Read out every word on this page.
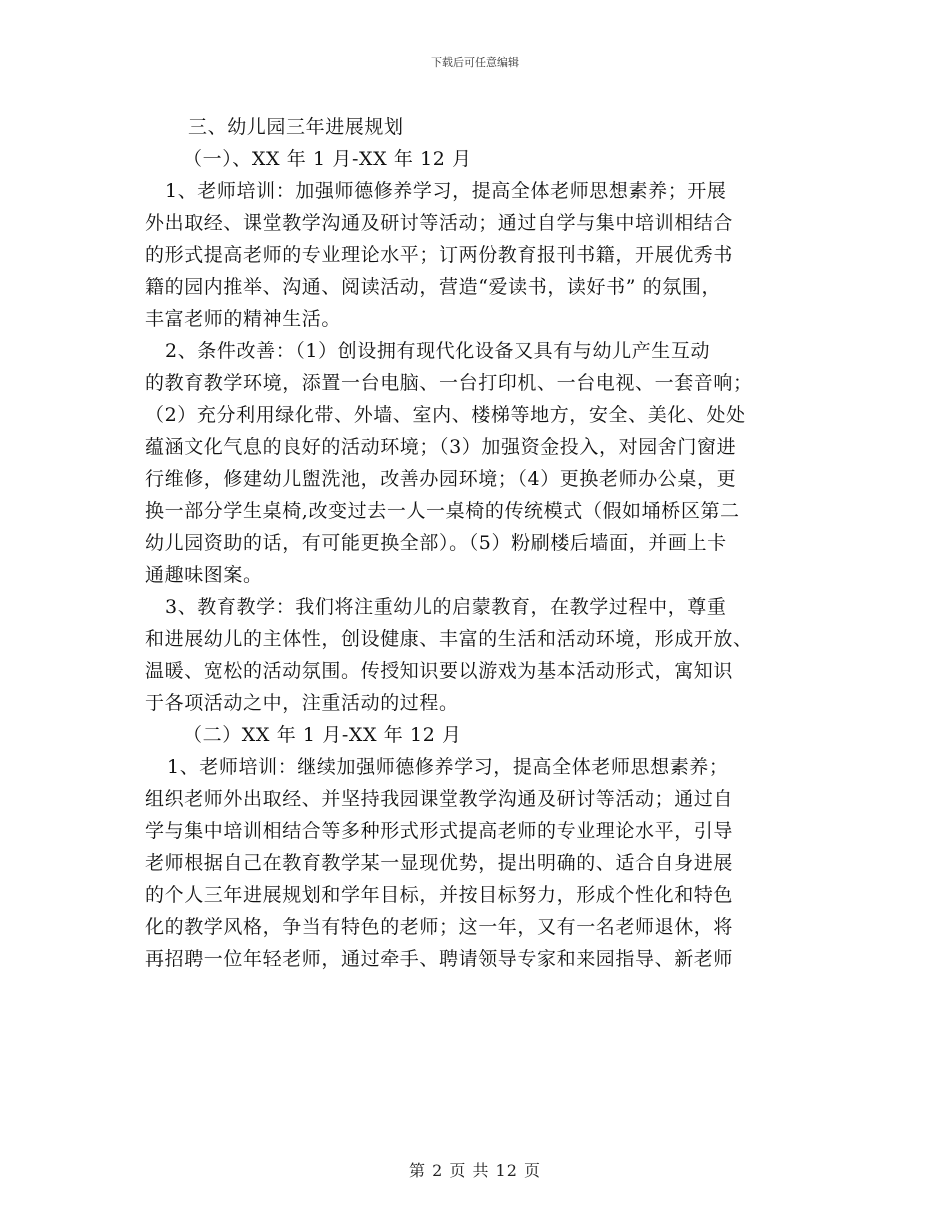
下载后可任意编辑
三、幼儿园三年进展规划
（一）、XX 年 1 月-XX 年 12 月
1、老师培训：加强师德修养学习，提高全体老师思想素养；开展
外出取经、课堂教学沟通及研讨等活动；通过自学与集中培训相结合
的形式提高老师的专业理论水平；订两份教育报刊书籍，开展优秀书
籍的园内推举、沟通、阅读活动，营造“爱读书，读好书” 的氛围，
丰富老师的精神生活。
2、条件改善：（1）创设拥有现代化设备又具有与幼儿产生互动
的教育教学环境，添置一台电脑、一台打印机、一台电视、一套音响；
（2）充分利用绿化带、外墙、室内、楼梯等地方，安全、美化、处处
蕴涵文化气息的良好的活动环境；（3）加强资金投入，对园舍门窗进
行维修，修建幼儿盥洗池，改善办园环境；（4）更换老师办公桌，更
换一部分学生桌椅,改变过去一人一桌椅的传统模式（假如埇桥区第二
幼儿园资助的话，有可能更换全部）。（5）粉刷楼后墙面，并画上卡
通趣味图案。
3、教育教学：我们将注重幼儿的启蒙教育，在教学过程中，尊重
和进展幼儿的主体性，创设健康、丰富的生活和活动环境，形成开放、
温暖、宽松的活动氛围。传授知识要以游戏为基本活动形式，寓知识
于各项活动之中，注重活动的过程。
（二）XX 年 1 月-XX 年 12 月
1、老师培训：继续加强师德修养学习，提高全体老师思想素养；
组织老师外出取经、并坚持我园课堂教学沟通及研讨等活动；通过自
学与集中培训相结合等多种形式形式提高老师的专业理论水平，引导
老师根据自己在教育教学某一显现优势，提出明确的、适合自身进展
的个人三年进展规划和学年目标，并按目标努力，形成个性化和特色
化的教学风格，争当有特色的老师；这一年，又有一名老师退休，将
再招聘一位年轻老师，通过牵手、聘请领导专家和来园指导、新老师
第 2 页 共 12 页
